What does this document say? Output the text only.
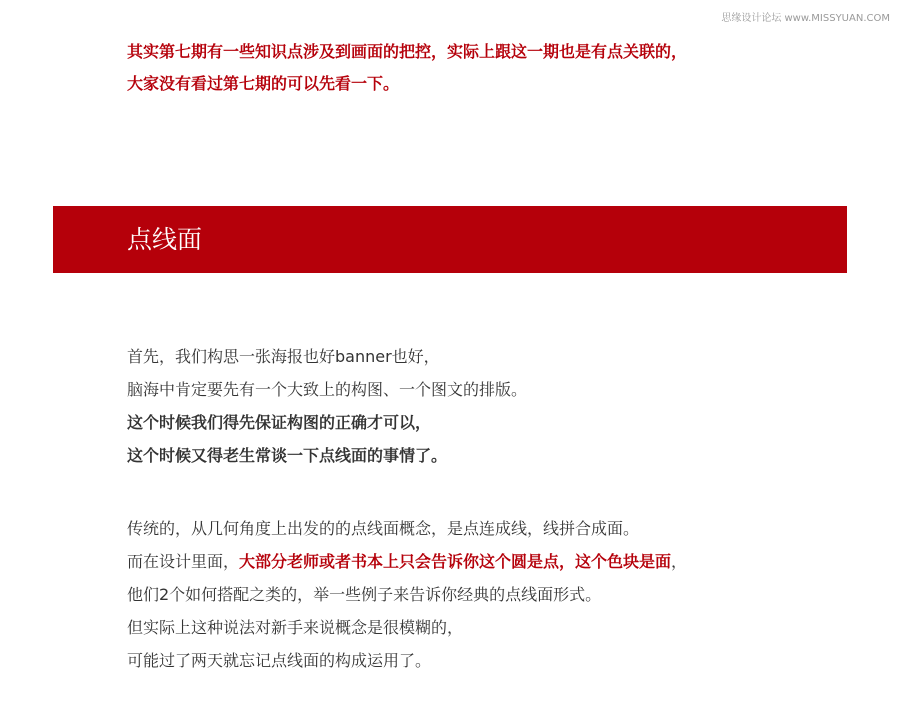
思缘设计论坛 www.MISSYUAN.COM
其实第七期有一些知识点涉及到画面的把控，实际上跟这一期也是有点关联的，
大家没有看过第七期的可以先看一下。
点线面
首先，我们构思一张海报也好banner也好，
脑海中肯定要先有一个大致上的构图、一个图文的排版。
这个时候我们得先保证构图的正确才可以，
这个时候又得老生常谈一下点线面的事情了。
传统的，从几何角度上出发的的点线面概念，是点连成线，线拼合成面。
而在设计里面，大部分老师或者书本上只会告诉你这个圆是点，这个色块是面，
他们2个如何搭配之类的，举一些例子来告诉你经典的点线面形式。
但实际上这种说法对新手来说概念是很模糊的，
可能过了两天就忘记点线面的构成运用了。
